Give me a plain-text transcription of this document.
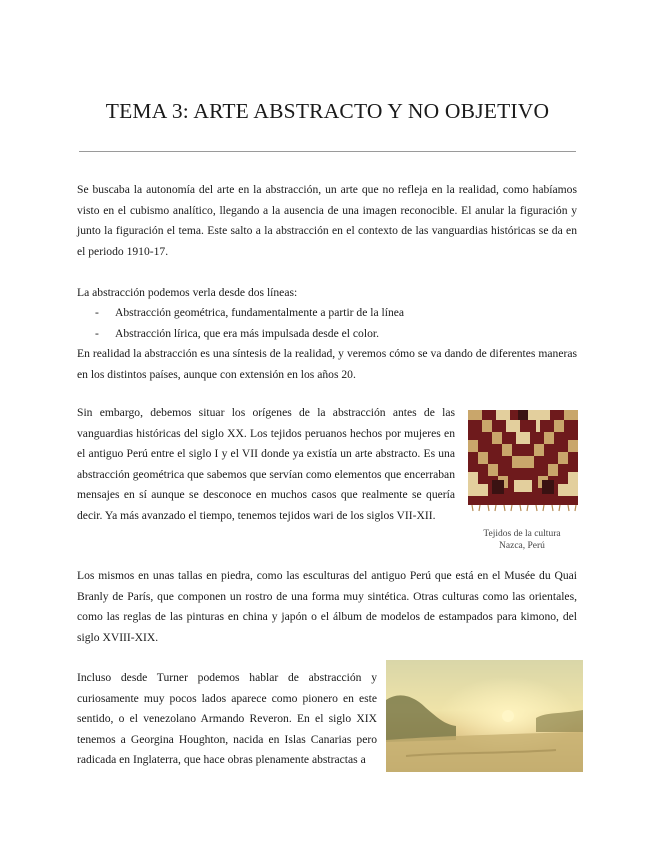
TEMA 3: ARTE ABSTRACTO Y NO OBJETIVO

Se buscaba la autonomía del arte en la abstracción, un arte que no refleja en la realidad, como habíamos visto en el cubismo analítico, llegando a la ausencia de una imagen reconocible. El anular la figuración y junto la figuración el tema. Este salto a la abstracción en el contexto de las vanguardias históricas se da en el periodo 1910-17.

La abstracción podemos verla desde dos líneas:

- Abstracción geométrica, fundamentalmente a partir de la línea
- Abstracción lírica, que era más impulsada desde el color.

En realidad la abstracción es una síntesis de la realidad, y veremos cómo se va dando de diferentes maneras en los distintos países, aunque con extensión en los años 20.

Sin embargo, debemos situar los orígenes de la abstracción antes de las vanguardias históricas del siglo XX. Los tejidos peruanos hechos por mujeres en el antiguo Perú entre el siglo I y el VII donde ya existía un arte abstracto. Es una abstracción geométrica que sabemos que servían como elementos que encerraban mensajes en sí aunque se desconoce en muchos casos que realmente se quería decir. Ya más avanzado el tiempo, tenemos tejidos wari de los siglos VII-XII.

Tejidos de la cultura
Nazca, Perú

Los mismos en unas tallas en piedra, como las esculturas del antiguo Perú que está en el Musée du Quai Branly de París, que componen un rostro de una forma muy sintética. Otras culturas como las orientales, como las reglas de las pinturas en china y japón o el álbum de modelos de estampados para kimono, del siglo XVIII-XIX.

Incluso desde Turner podemos hablar de abstracción y curiosamente muy pocos lados aparece como pionero en este sentido, o el venezolano Armando Reveron. En el siglo XIX tenemos a Georgina Houghton, nacida en Islas Canarias pero radicada en Inglaterra, que hace obras plenamente abstractas a
